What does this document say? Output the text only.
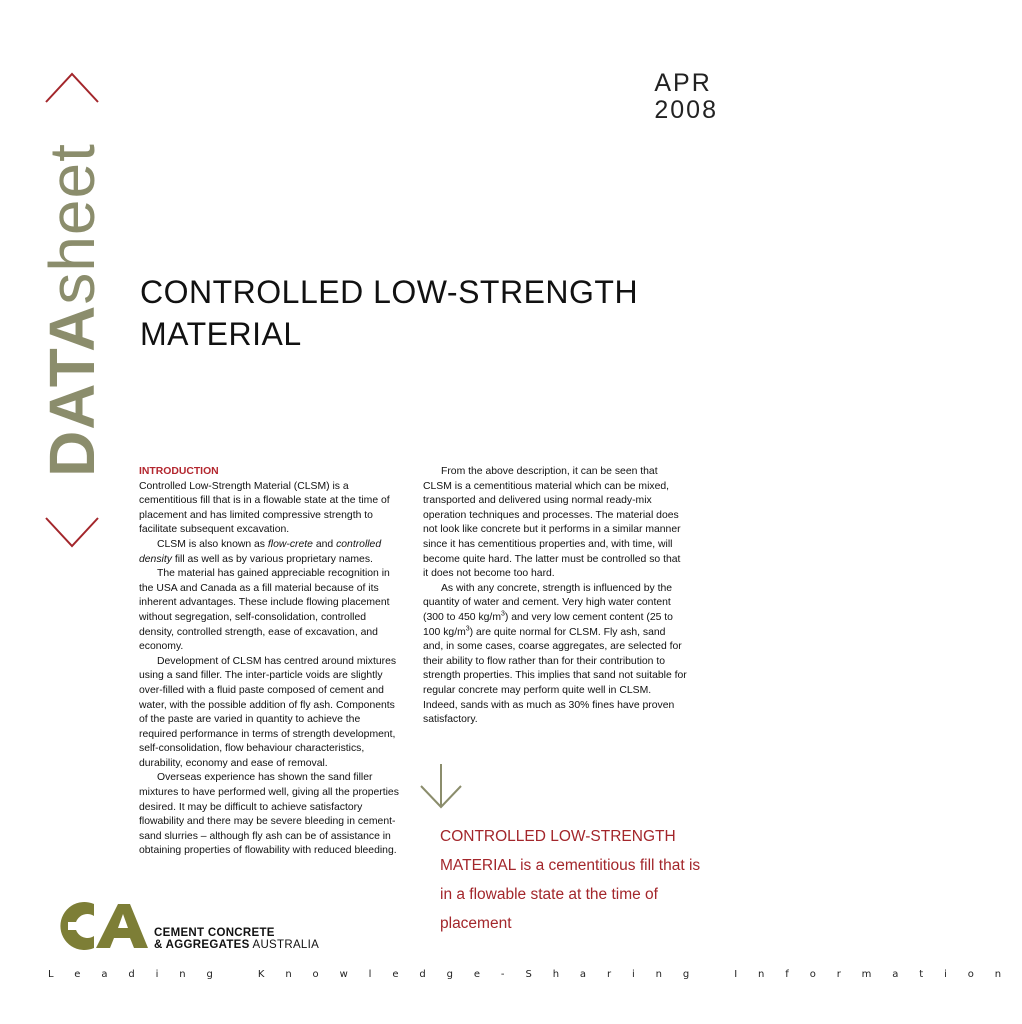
DATAsheet
APR
2008
CONTROLLED LOW-STRENGTH
MATERIAL

INTRODUCTION

Controlled Low-Strength Material (CLSM) is a cementitious fill that is in a flowable state at the time of placement and has limited compressive strength to facilitate subsequent excavation.

CLSM is also known as flow-crete and controlled density fill as well as by various proprietary names.

The material has gained appreciable recognition in the USA and Canada as a fill material because of its inherent advantages. These include flowing placement without segregation, self-consolidation, controlled density, controlled strength, ease of excavation, and economy.

Development of CLSM has centred around mixtures using a sand filler. The inter-particle voids are slightly over-filled with a fluid paste composed of cement and water, with the possible addition of fly ash. Components of the paste are varied in quantity to achieve the required performance in terms of strength development, self-consolidation, flow behaviour characteristics, durability, economy and ease of removal.

Overseas experience has shown the sand filler mixtures to have performed well, giving all the properties desired. It may be difficult to achieve satisfactory flowability and there may be severe bleeding in cement-sand slurries – although fly ash can be of assistance in obtaining properties of flowability with reduced bleeding.

From the above description, it can be seen that CLSM is a cementitious material which can be mixed, transported and delivered using normal ready-mix operation techniques and processes. The material does not look like concrete but it performs in a similar manner since it has cementitious properties and, with time, will become quite hard. The latter must be controlled so that it does not become too hard.

As with any concrete, strength is influenced by the quantity of water and cement. Very high water content (300 to 450 $kg/m^3$) and very low cement content (25 to 100 $kg/m^3$) are quite normal for CLSM. Fly ash, sand and, in some cases, coarse aggregates, are selected for their ability to flow rather than for their contribution to strength properties. This implies that sand not suitable for regular concrete may perform quite well in CLSM. Indeed, sands with as much as 30% fines have proven satisfactory.

CONTROLLED LOW-STRENGTH MATERIAL is a cementitious fill that is in a flowable state at the time of placement

CEMENT CONCRETE
& AGGREGATES AUSTRALIA
Leading Knowledge-Sharing Information
